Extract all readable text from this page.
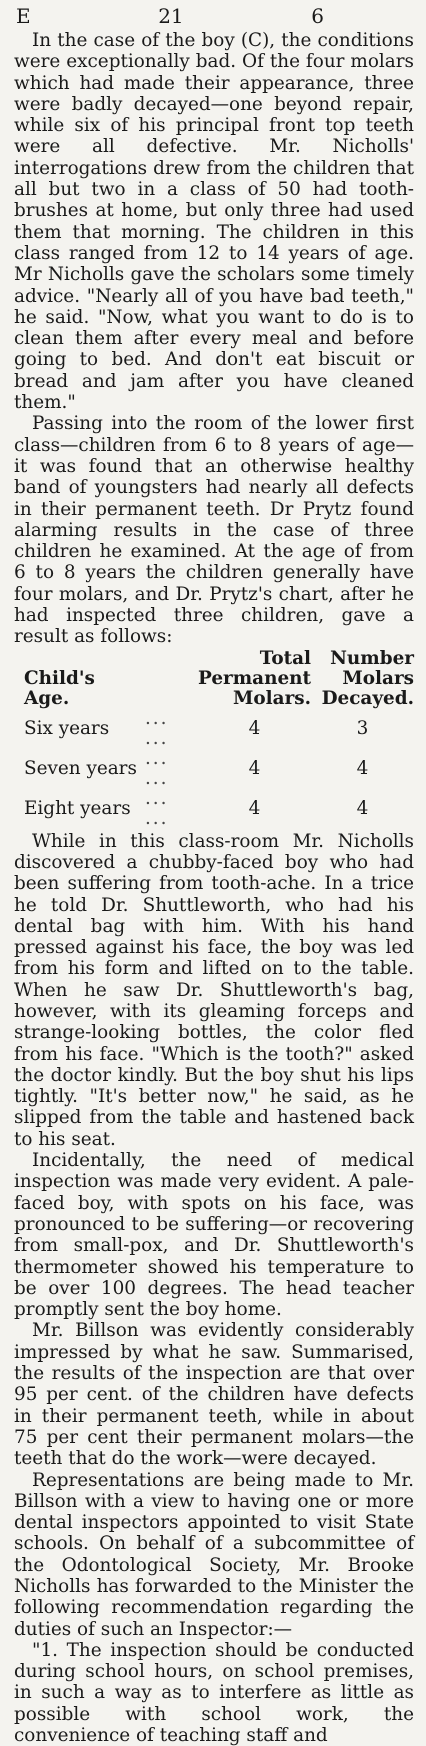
E	21	6

In the case of the boy (C), the conditions were exceptionally bad. Of the four molars which had made their appearance, three were badly decayed—one beyond repair, while six of his principal front top teeth were all defective. Mr. Nicholls' interrogations drew from the children that all but two in a class of 50 had tooth-brushes at home, but only three had used them that morning. The children in this class ranged from 12 to 14 years of age. Mr Nicholls gave the scholars some timely advice. "Nearly all of you have bad teeth," he said. "Now, what you want to do is to clean them after every meal and before going to bed. And don't eat biscuit or bread and jam after you have cleaned them."

Passing into the room of the lower first class—children from 6 to 8 years of age—it was found that an otherwise healthy band of youngsters had nearly all defects in their permanent teeth. Dr Prytz found alarming results in the case of three children he examined. At the age of from 6 to 8 years the children generally have four molars, and Dr. Prytz's chart, after he had inspected three children, gave a result as follows:

Child's Age.		Total Permanent Molars.	Number Molars Decayed.
Six years	... ...	4	3
Seven years	... ...	4	4
Eight years	... ...	4	4

While in this class-room Mr. Nicholls discovered a chubby-faced boy who had been suffering from tooth-ache. In a trice he told Dr. Shuttleworth, who had his dental bag with him. With his hand pressed against his face, the boy was led from his form and lifted on to the table. When he saw Dr. Shuttleworth's bag, however, with its gleaming forceps and strange-looking bottles, the color fled from his face. "Which is the tooth?" asked the doctor kindly. But the boy shut his lips tightly. "It's better now," he said, as he slipped from the table and hastened back to his seat.

Incidentally, the need of medical inspection was made very evident. A pale-faced boy, with spots on his face, was pronounced to be suffering—or recovering from small-pox, and Dr. Shuttleworth's thermometer showed his temperature to be over 100 degrees. The head teacher promptly sent the boy home.

Mr. Billson was evidently considerably impressed by what he saw. Summarised, the results of the inspection are that over 95 per cent. of the children have defects in their permanent teeth, while in about 75 per cent their permanent molars—the teeth that do the work—were decayed.

Representations are being made to Mr. Billson with a view to having one or more dental inspectors appointed to visit State schools. On behalf of a subcommittee of the Odontological Society, Mr. Brooke Nicholls has forwarded to the Minister the following recommendation regarding the duties of such an Inspector:—

"1. The inspection should be conducted during school hours, on school premises, in such a way as to interfere as little as possible with school work, the convenience of teaching staff and
